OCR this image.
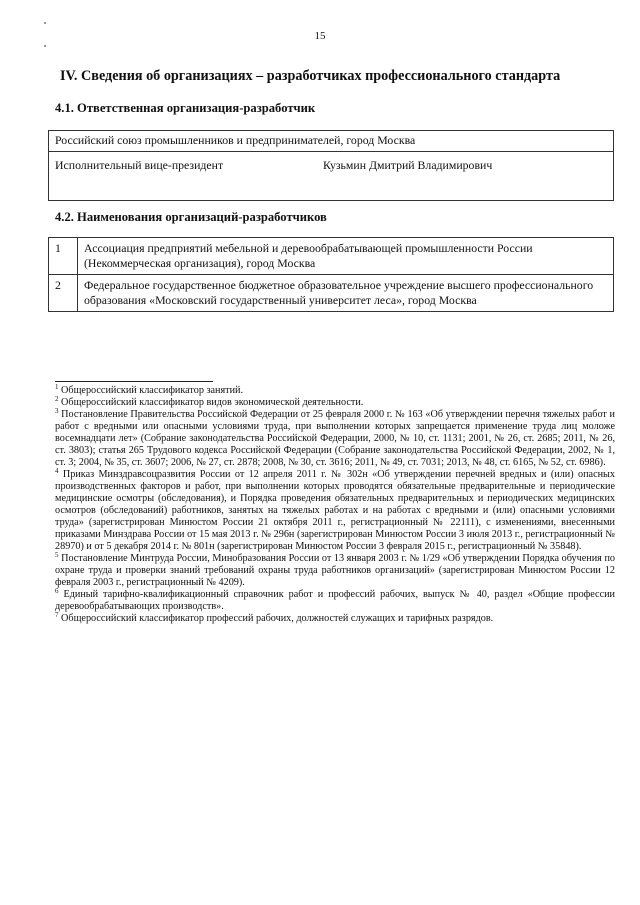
15
IV. Сведения об организациях – разработчиках профессионального стандарта
4.1. Ответственная организация-разработчик
Российский союз промышленников и предпринимателей, город Москва
Исполнительный вице-президент	Кузьмин Дмитрий Владимирович
4.2. Наименования организаций-разработчиков
1	Ассоциация предприятий мебельной и деревообрабатывающей промышленности России (Некоммерческая организация), город Москва
2	Федеральное государственное бюджетное образовательное учреждение высшего профессионального образования «Московский государственный университет леса», город Москва

$^1$ Общероссийский классификатор занятий.

$^2$ Общероссийский классификатор видов экономической деятельности.

$^3$ Постановление Правительства Российской Федерации от 25 февраля 2000 г. № 163 «Об утверждении перечня тяжелых работ и работ с вредными или опасными условиями труда, при выполнении которых запрещается применение труда лиц моложе восемнадцати лет» (Собрание законодательства Российской Федерации, 2000, № 10, ст. 1131; 2001, № 26, ст. 2685; 2011, № 26, ст. 3803); статья 265 Трудового кодекса Российской Федерации (Собрание законодательства Российской Федерации, 2002, № 1, ст. 3; 2004, № 35, ст. 3607; 2006, № 27, ст. 2878; 2008, № 30, ст. 3616; 2011, № 49, ст. 7031; 2013, № 48, ст. 6165, № 52, ст. 6986).

$^4$ Приказ Минздравсоцразвития России от 12 апреля 2011 г. № 302н «Об утверждении перечней вредных и (или) опасных производственных факторов и работ, при выполнении которых проводятся обязательные предварительные и периодические медицинские осмотры (обследования), и Порядка проведения обязательных предварительных и периодических медицинских осмотров (обследований) работников, занятых на тяжелых работах и на работах с вредными и (или) опасными условиями труда» (зарегистрирован Минюстом России 21 октября 2011 г., регистрационный № 22111), с изменениями, внесенными приказами Минздрава России от 15 мая 2013 г. № 296н (зарегистрирован Минюстом России 3 июля 2013 г., регистрационный № 28970) и от 5 декабря 2014 г. № 801н (зарегистрирован Минюстом России 3 февраля 2015 г., регистрационный № 35848).

$^5$ Постановление Минтруда России, Минобразования России от 13 января 2003 г. № 1/29 «Об утверждении Порядка обучения по охране труда и проверки знаний требований охраны труда работников организаций» (зарегистрирован Минюстом России 12 февраля 2003 г., регистрационный № 4209).

$^6$ Единый тарифно-квалификационный справочник работ и профессий рабочих, выпуск № 40, раздел «Общие профессии деревообрабатывающих производств».

$^7$ Общероссийский классификатор профессий рабочих, должностей служащих и тарифных разрядов.
